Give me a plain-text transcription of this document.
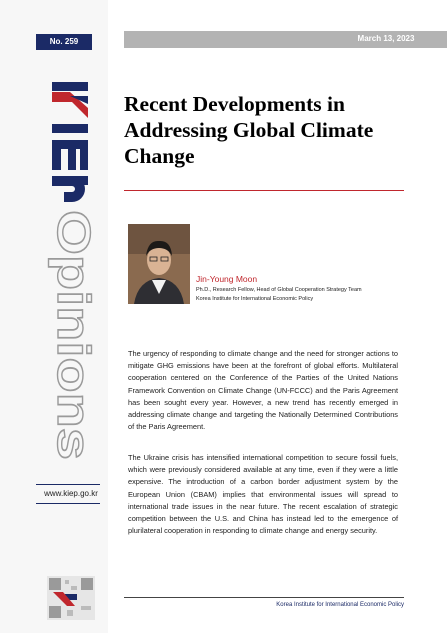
No. 259	March 13, 2023
Opinions
www.kiep.go.kr
Recent Developments in
Addressing Global Climate
Change
Jin-Young Moon
Ph.D., Research Fellow, Head of Global Cooperation Strategy Team
Korea Institute for International Economic Policy

The urgency of responding to climate change and the need for stronger actions to mitigate GHG emissions have been at the forefront of global efforts. Multilateral cooperation centered on the Conference of the Parties of the United Nations Framework Convention on Climate Change (UN-FCCC) and the Paris Agreement has been sought every year. However, a new trend has recently emerged in addressing climate change and targeting the Nationally Determined Contributions of the Paris Agreement.

The Ukraine crisis has intensified international competition to secure fossil fuels, which were previously considered available at any time, even if they were a little expensive. The introduction of a carbon border adjustment system by the European Union (CBAM) implies that environmental issues will spread to international trade issues in the near future. The recent escalation of strategic competition between the U.S. and China has instead led to the emergence of plurilateral cooperation in responding to climate change and energy security.

Korea Institute for International Economic Policy
